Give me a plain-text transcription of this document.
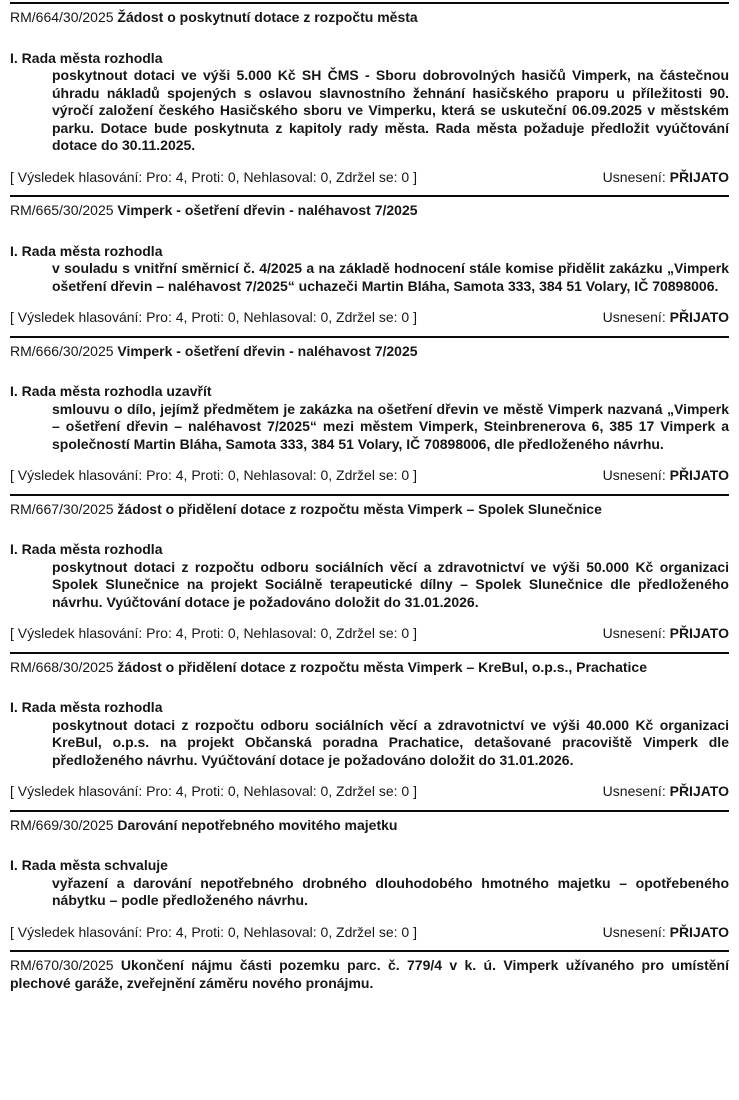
RM/664/30/2025 Žádost o poskytnutí dotace z rozpočtu města
I. Rada města rozhodla

poskytnout dotaci ve výši 5.000 Kč SH ČMS - Sboru dobrovolných hasičů Vimperk, na částečnou úhradu nákladů spojených s oslavou slavnostního žehnání hasičského praporu u příležitosti 90. výročí založení českého Hasičského sboru ve Vimperku, která se uskuteční 06.09.2025 v městském parku. Dotace bude poskytnuta z kapitoly rady města. Rada města požaduje předložit vyúčtování dotace do 30.11.2025.

[ Výsledek hlasování: Pro: 4, Proti: 0, Nehlasoval: 0, Zdržel se: 0 ]	Usnesení: PŘIJATO
RM/665/30/2025 Vimperk - ošetření dřevin - naléhavost 7/2025
I. Rada města rozhodla

v souladu s vnitřní směrnicí č. 4/2025 a na základě hodnocení stále komise přidělit zakázku „Vimperk ošetření dřevin – naléhavost 7/2025“ uchazeči Martin Bláha, Samota 333, 384 51 Volary, IČ 70898006.

[ Výsledek hlasování: Pro: 4, Proti: 0, Nehlasoval: 0, Zdržel se: 0 ]	Usnesení: PŘIJATO
RM/666/30/2025 Vimperk - ošetření dřevin - naléhavost 7/2025
I. Rada města rozhodla uzavřít

smlouvu o dílo, jejímž předmětem je zakázka na ošetření dřevin ve městě Vimperk nazvaná „Vimperk – ošetření dřevin – naléhavost 7/2025“ mezi městem Vimperk, Steinbrenerova 6, 385 17 Vimperk a společností Martin Bláha, Samota 333, 384 51 Volary, IČ 70898006, dle předloženého návrhu.

[ Výsledek hlasování: Pro: 4, Proti: 0, Nehlasoval: 0, Zdržel se: 0 ]	Usnesení: PŘIJATO
RM/667/30/2025 žádost o přidělení dotace z rozpočtu města Vimperk – Spolek Slunečnice
I. Rada města rozhodla

poskytnout dotaci z rozpočtu odboru sociálních věcí a zdravotnictví ve výši 50.000 Kč organizaci Spolek Slunečnice na projekt Sociálně terapeutické dílny – Spolek Slunečnice dle předloženého návrhu. Vyúčtování dotace je požadováno doložit do 31.01.2026.

[ Výsledek hlasování: Pro: 4, Proti: 0, Nehlasoval: 0, Zdržel se: 0 ]	Usnesení: PŘIJATO
RM/668/30/2025 žádost o přidělení dotace z rozpočtu města Vimperk – KreBul, o.p.s., Prachatice
I. Rada města rozhodla

poskytnout dotaci z rozpočtu odboru sociálních věcí a zdravotnictví ve výši 40.000 Kč organizaci KreBul, o.p.s. na projekt Občanská poradna Prachatice, detašované pracoviště Vimperk dle předloženého návrhu. Vyúčtování dotace je požadováno doložit do 31.01.2026.

[ Výsledek hlasování: Pro: 4, Proti: 0, Nehlasoval: 0, Zdržel se: 0 ]	Usnesení: PŘIJATO
RM/669/30/2025 Darování nepotřebného movitého majetku
I. Rada města schvaluje

vyřazení a darování nepotřebného drobného dlouhodobého hmotného majetku – opotřebeného nábytku – podle předloženého návrhu.

[ Výsledek hlasování: Pro: 4, Proti: 0, Nehlasoval: 0, Zdržel se: 0 ]	Usnesení: PŘIJATO
RM/670/30/2025 Ukončení nájmu části pozemku parc. č. 779/4 v k. ú. Vimperk užívaného pro umístění plechové garáže, zveřejnění záměru nového pronájmu.
